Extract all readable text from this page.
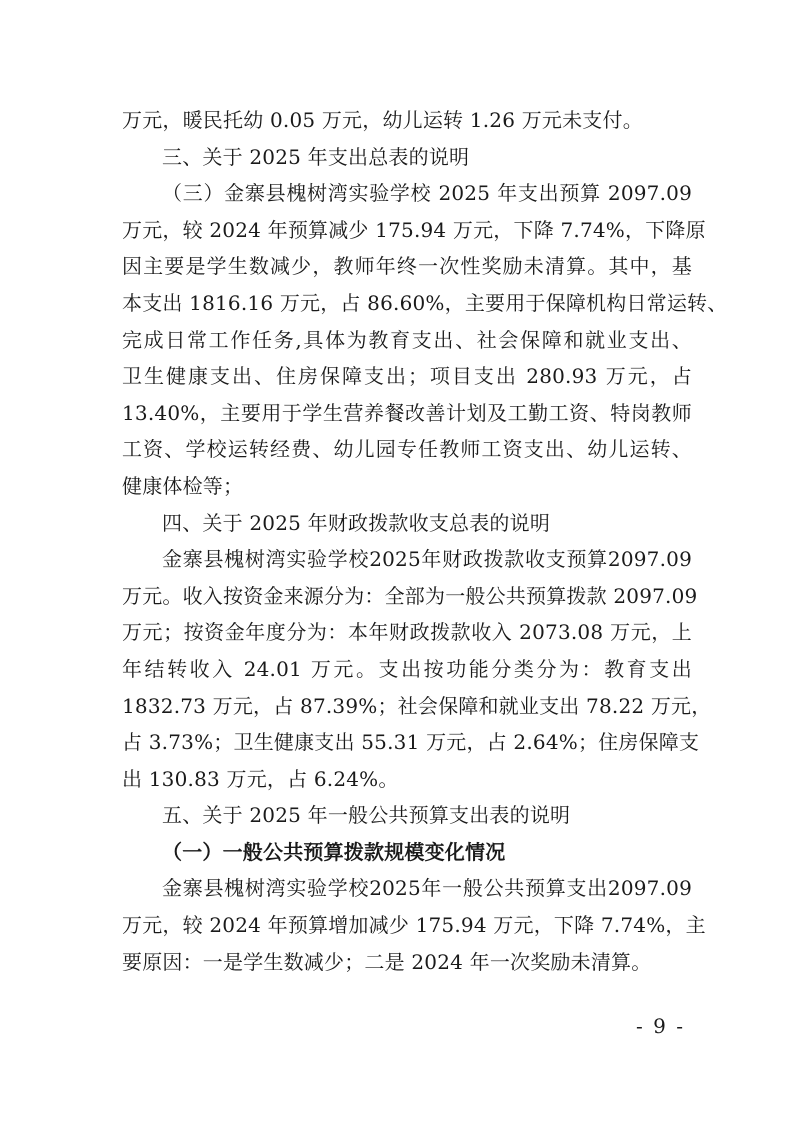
万元，暖民托幼 0.05 万元，幼儿运转 1.26 万元未支付。
三、关于 2025 年支出总表的说明
（三）金寨县槐树湾实验学校 2025 年支出预算 2097.09
万元，较 2024 年预算减少 175.94 万元，下降 7.74%，下降原
因主要是学生数减少，教师年终一次性奖励未清算。其中，基
本支出 1816.16 万元，占 86.60%，主要用于保障机构日常运转、
完成日常工作任务,具体为教育支出、社会保障和就业支出、
卫生健康支出、住房保障支出；项目支出 280.93 万元，占
13.40%，主要用于学生营养餐改善计划及工勤工资、特岗教师
工资、学校运转经费、幼儿园专任教师工资支出、幼儿运转、
健康体检等；
四、关于 2025 年财政拨款收支总表的说明
金寨县槐树湾实验学校2025年财政拨款收支预算2097.09
万元。收入按资金来源分为：全部为一般公共预算拨款 2097.09
万元；按资金年度分为：本年财政拨款收入 2073.08 万元，上
年结转收入 24.01 万元。支出按功能分类分为：教育支出
1832.73 万元，占 87.39%；社会保障和就业支出 78.22 万元，
占 3.73%；卫生健康支出 55.31 万元，占 2.64%；住房保障支
出 130.83 万元，占 6.24%。
五、关于 2025 年一般公共预算支出表的说明
（一）一般公共预算拨款规模变化情况
金寨县槐树湾实验学校2025年一般公共预算支出2097.09
万元，较 2024 年预算增加减少 175.94 万元，下降 7.74%，主
要原因：一是学生数减少；二是 2024 年一次奖励未清算。
- 9 -
